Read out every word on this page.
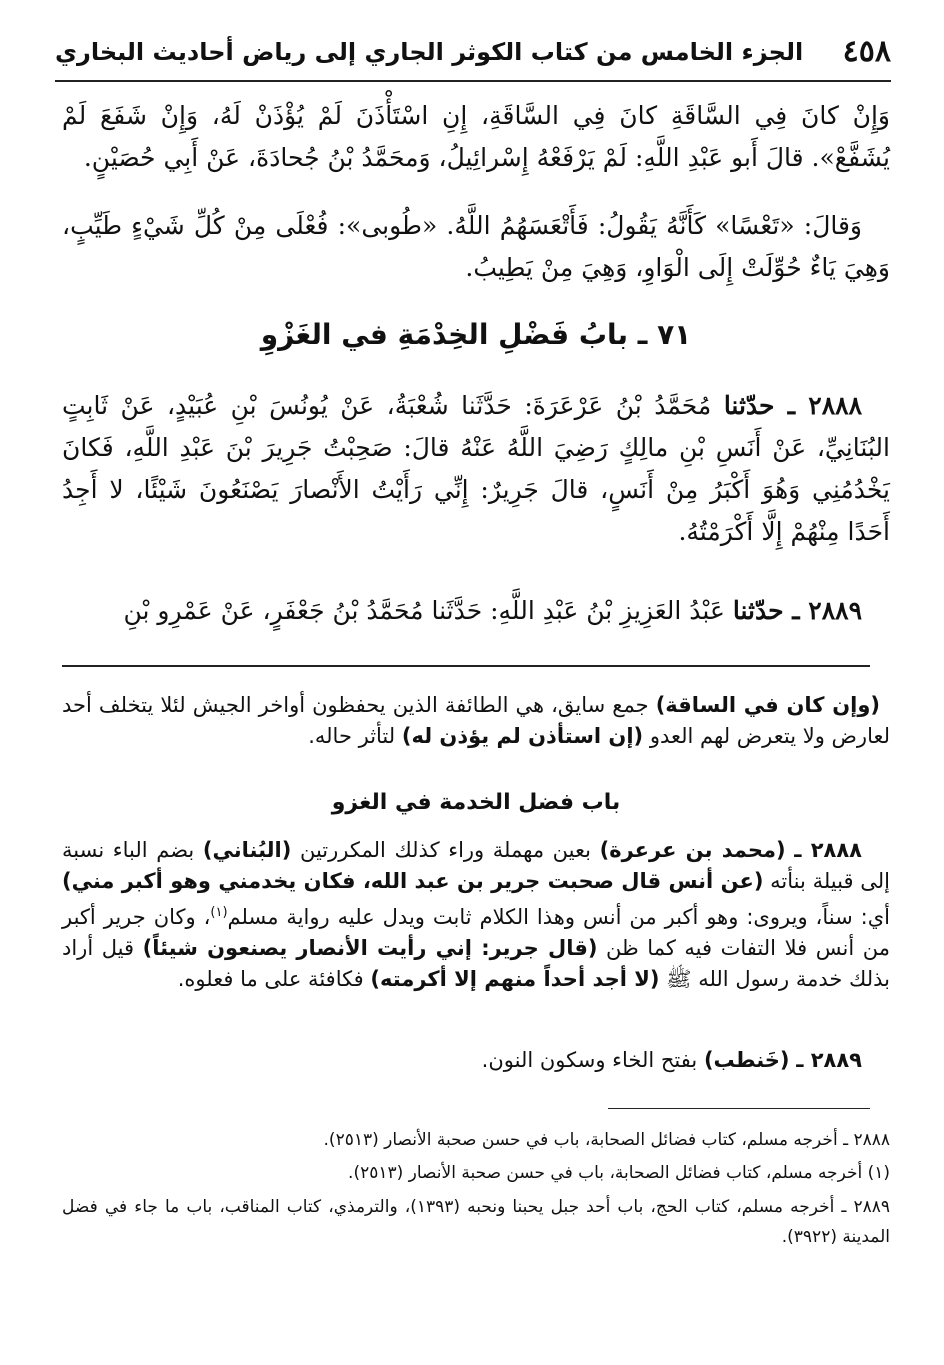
٤٥٨
الجزء الخامس من كتاب الكوثر الجاري إلى رياض أحاديث البخاري
وَإِنْ كانَ فِي السَّاقَةِ كانَ فِي السَّاقَةِ، إِنِ اسْتَأْذَنَ لَمْ يُؤْذَنْ لَهُ، وَإِنْ شَفَعَ لَمْ يُشَفَّعْ». قالَ أَبو عَبْدِ اللَّهِ: لَمْ يَرْفَعْهُ إِسْرائِيلُ، وَمحَمَّدُ بْنُ جُحادَةَ، عَنْ أَبِي حُصَيْنٍ.
وَقالَ: «تَعْسًا» كَأَنَّهُ يَقُولُ: فَأَتْعَسَهُمُ اللَّهُ. «طُوبى»: فُعْلَى مِنْ كُلِّ شَيْءٍ طَيِّبٍ، وَهِيَ يَاءٌ حُوِّلَتْ إِلَى الْوَاوِ، وَهِيَ مِنْ يَطِيبُ.
٧١ ـ بابُ فَضْلِ الخِدْمَةِ في الغَزْوِ
٢٨٨٨ ـ حدّثنا مُحَمَّدُ بْنُ عَرْعَرَةَ: حَدَّثَنا شُعْبَةُ، عَنْ يُونُسَ بْنِ عُبَيْدٍ، عَنْ ثَابِتٍ البُنَانِيِّ، عَنْ أَنَسِ بْنِ مالِكٍ رَضِيَ اللَّهُ عَنْهُ قالَ: صَحِبْتُ جَرِيرَ بْنَ عَبْدِ اللَّهِ، فَكانَ يَخْدُمُنِي وَهُوَ أَكْبَرُ مِنْ أَنَسٍ، قالَ جَرِيرٌ: إِنِّي رَأَيْتُ الأَنْصارَ يَصْنَعُونَ شَيْئًا، لا أَجِدُ أَحَدًا مِنْهُمْ إِلَّا أَكْرَمْتُهُ.
٢٨٨٩ ـ حدّثنا عَبْدُ العَزِيزِ بْنُ عَبْدِ اللَّهِ: حَدَّثَنا مُحَمَّدُ بْنُ جَعْفَرٍ، عَنْ عَمْرِو بْنِ
(وإن كان في الساقة) جمع سايق، هي الطائفة الذين يحفظون أواخر الجيش لئلا يتخلف أحد لعارض ولا يتعرض لهم العدو (إن استأذن لم يؤذن له) لتأثر حاله.
باب فضل الخدمة في الغزو
٢٨٨٨ ـ (محمد بن عرعرة) بعين مهملة وراء كذلك المكررتين (البُناني) بضم الباء نسبة إلى قبيلة بنأته (عن أنس قال صحبت جرير بن عبد الله، فكان يخدمني وهو أكبر مني) أي: سناً، ويروى: وهو أكبر من أنس وهذا الكلام ثابت ويدل عليه رواية مسلم$^{(١)}$، وكان جرير أكبر من أنس فلا التفات فيه كما ظن (قال جرير: إني رأيت الأنصار يصنعون شيئاً) قيل أراد بذلك خدمة رسول الله ﷺ (لا أجد أحداً منهم إلا أكرمته) فكافئة على ما فعلوه.
٢٨٨٩ ـ (خَنطب) بفتح الخاء وسكون النون.
٢٨٨٨ ـ أخرجه مسلم، كتاب فضائل الصحابة، باب في حسن صحبة الأنصار (٢٥١٣).
(١) أخرجه مسلم، كتاب فضائل الصحابة، باب في حسن صحبة الأنصار (٢٥١٣).
٢٨٨٩ ـ أخرجه مسلم، كتاب الحج، باب أحد جبل يحبنا ونحبه (١٣٩٣)، والترمذي، كتاب المناقب، باب ما جاء في فضل المدينة (٣٩٢٢).
